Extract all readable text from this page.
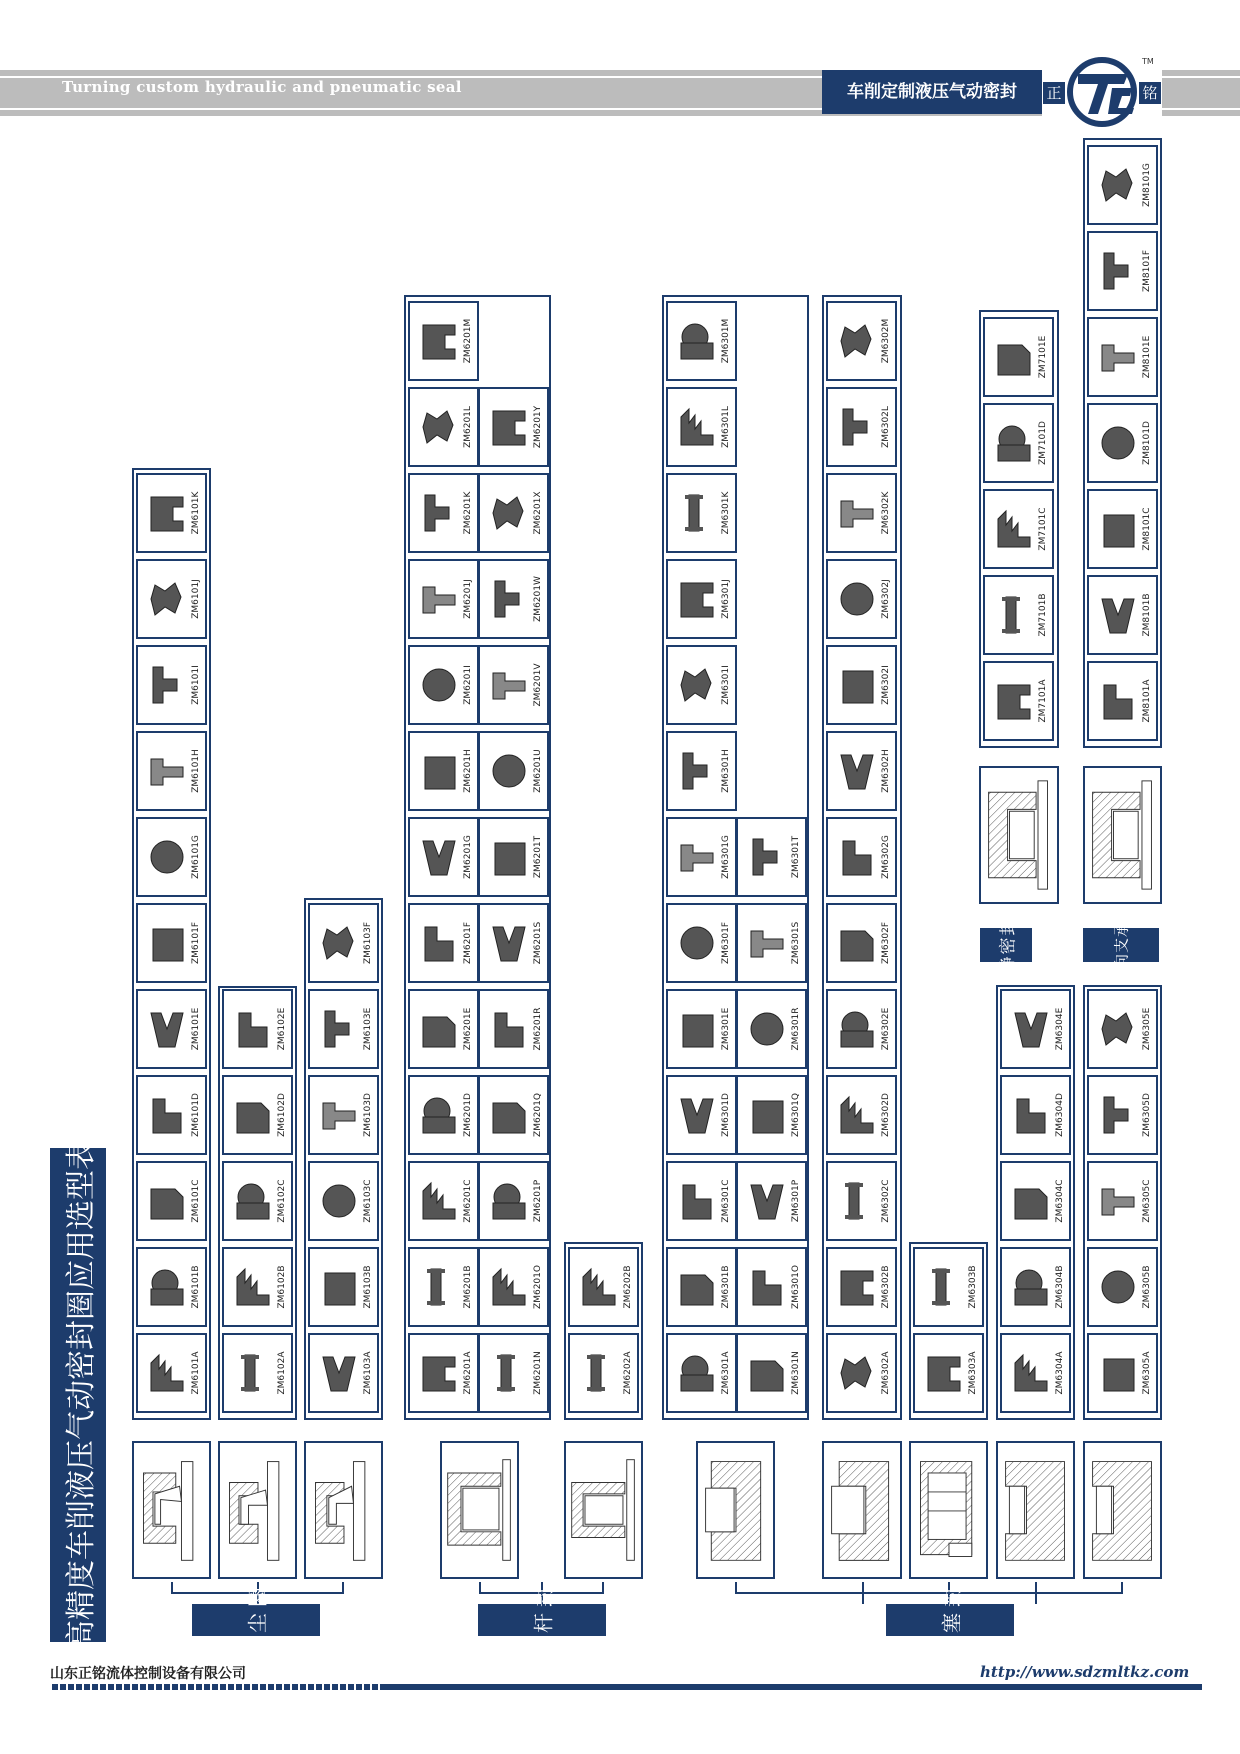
Turning custom hydraulic and pneumatic seal	车削定制液压气动密封	正	铭
TM
高精度车削液压气动密封圈应用选型表	ZM6101A
ZM6101B
ZM6101C
ZM6101D
ZM6101E
ZM6101F
ZM6101G
ZM6101H
ZM6101I
ZM6101J
ZM6101K
ZM6102A
ZM6102B
ZM6102C
ZM6102D
ZM6102E
ZM6103A
ZM6103B
ZM6103C
ZM6103D
ZM6103E
ZM6103F
ZM6201A
ZM6201B
ZM6201C
ZM6201D
ZM6201E
ZM6201F
ZM6201G
ZM6201H
ZM6201I
ZM6201J
ZM6201K
ZM6201L
ZM6201M
ZM6201N
ZM6201O
ZM6201P
ZM6201Q
ZM6201R
ZM6201S
ZM6201T
ZM6201U
ZM6201V
ZM6201W
ZM6201X
ZM6201Y
ZM6202A
ZM6202B
ZM6301A
ZM6301B
ZM6301C
ZM6301D
ZM6301E
ZM6301F
ZM6301G
ZM6301H
ZM6301I
ZM6301J
ZM6301K
ZM6301L
ZM6301M
ZM6301N
ZM6301O
ZM6301P
ZM6301Q
ZM6301R
ZM6301S
ZM6301T
ZM6302A
ZM6302B
ZM6302C
ZM6302D
ZM6302E
ZM6302F
ZM6302G
ZM6302H
ZM6302I
ZM6302J
ZM6302K
ZM6302L
ZM6302M
ZM6303A
ZM6303B
ZM6304A
ZM6304B
ZM6304C
ZM6304D
ZM6304E
ZM6305A
ZM6305B
ZM6305C
ZM6305D
ZM6305E
ZM7101A
ZM7101B
ZM7101C
ZM7101D
ZM7101E
ZM8101A
ZM8101B
ZM8101C
ZM8101D
ZM8101E
ZM8101F
ZM8101G
防尘圈	拉杆封	活塞封
静密封	导向支承环
山东正铭流体控制设备有限公司	http://www.sdzmltkz.com
